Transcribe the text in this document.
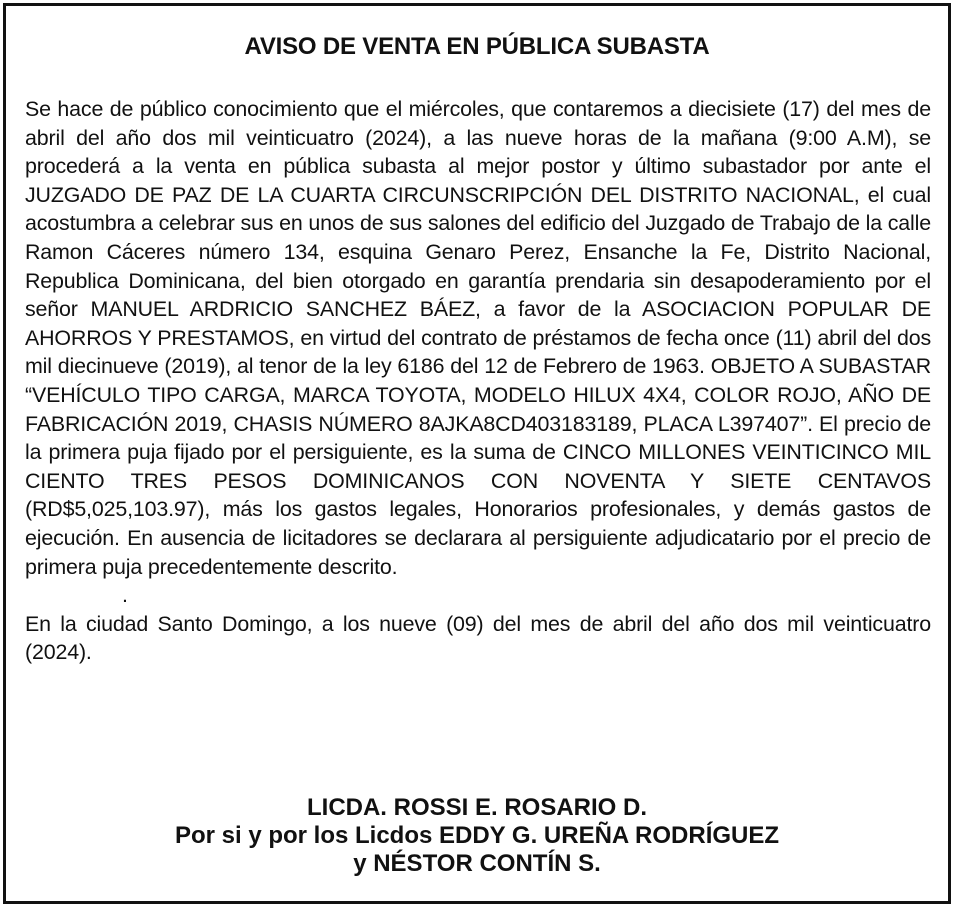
AVISO DE VENTA EN PÚBLICA SUBASTA

Se hace de público conocimiento que el miércoles, que contaremos a diecisiete (17) del mes de abril del año dos mil veinticuatro (2024), a las nueve horas de la mañana (9:00 A.M), se procederá a la venta en pública subasta al mejor postor y último subastador por ante el JUZGADO DE PAZ DE LA CUARTA CIRCUNSCRIPCIÓN DEL DISTRITO NACIONAL, el cual acostumbra a celebrar sus en unos de sus salones del edificio del Juzgado de Trabajo de la calle Ramon Cáceres número 134, esquina Genaro Perez, Ensanche la Fe, Distrito Nacional, Republica Dominicana, del bien otorgado en garantía prendaria sin desapoderamiento por el señor MANUEL ARDRICIO SANCHEZ BÁEZ, a favor de la ASOCIACION POPULAR DE AHORROS Y PRESTAMOS, en virtud del contrato de préstamos de fecha once (11) abril del dos mil diecinueve (2019), al tenor de la ley 6186 del 12 de Febrero de 1963. OBJETO A SUBASTAR “VEHÍCULO TIPO CARGA, MARCA TOYOTA, MODELO HILUX 4X4, COLOR ROJO, AÑO DE FABRICACIÓN 2019, CHASIS NÚMERO 8AJKA8CD403183189, PLACA L397407”. El precio de la primera puja fijado por el persiguiente, es la suma de CINCO MILLONES VEINTICINCO MIL CIENTO TRES PESOS DOMINICANOS CON NOVENTA Y SIETE CENTAVOS (RD$5,025,103.97), más los gastos legales, Honorarios profesionales, y demás gastos de ejecución. En ausencia de licitadores se declarara al persiguiente adjudicatario por el precio de primera puja precedentemente descrito.

.

En la ciudad Santo Domingo, a los nueve (09) del mes de abril del año dos mil veinticuatro (2024).

LICDA. ROSSI E. ROSARIO D.
Por si y por los Licdos EDDY G. UREÑA RODRÍGUEZ
y NÉSTOR CONTÍN S.
